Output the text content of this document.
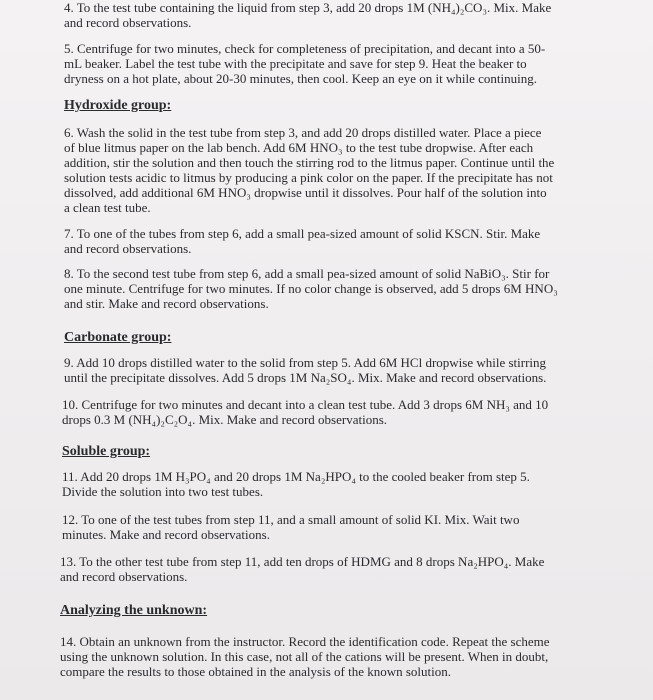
4. To the test tube containing the liquid from step 3, add 20 drops 1M (NH₄)₂CO₃. Mix. Make
and record observations.

5. Centrifuge for two minutes, check for completeness of precipitation, and decant into a 50-
mL beaker. Label the test tube with the precipitate and save for step 9. Heat the beaker to
dryness on a hot plate, about 20-30 minutes, then cool. Keep an eye on it while continuing.

Hydroxide group:

6. Wash the solid in the test tube from step 3, and add 20 drops distilled water. Place a piece
of blue litmus paper on the lab bench. Add 6M HNO₃ to the test tube dropwise. After each
addition, stir the solution and then touch the stirring rod to the litmus paper. Continue until the
solution tests acidic to litmus by producing a pink color on the paper. If the precipitate has not
dissolved, add additional 6M HNO₃ dropwise until it dissolves. Pour half of the solution into
a clean test tube.

7. To one of the tubes from step 6, add a small pea-sized amount of solid KSCN. Stir. Make
and record observations.

8. To the second test tube from step 6, add a small pea-sized amount of solid NaBiO₃. Stir for
one minute. Centrifuge for two minutes. If no color change is observed, add 5 drops 6M HNO₃
and stir. Make and record observations.

Carbonate group:

9. Add 10 drops distilled water to the solid from step 5. Add 6M HCl dropwise while stirring
until the precipitate dissolves. Add 5 drops 1M Na₂SO₄. Mix. Make and record observations.

10. Centrifuge for two minutes and decant into a clean test tube. Add 3 drops 6M NH₃ and 10
drops 0.3 M (NH₄)₂C₂O₄. Mix. Make and record observations.

Soluble group:

11. Add 20 drops 1M H₃PO₄ and 20 drops 1M Na₂HPO₄ to the cooled beaker from step 5.
Divide the solution into two test tubes.

12. To one of the test tubes from step 11, and a small amount of solid KI. Mix. Wait two
minutes. Make and record observations.

13. To the other test tube from step 11, add ten drops of HDMG and 8 drops Na₂HPO₄. Make
and record observations.

Analyzing the unknown:

14. Obtain an unknown from the instructor. Record the identification code. Repeat the scheme
using the unknown solution. In this case, not all of the cations will be present. When in doubt,
compare the results to those obtained in the analysis of the known solution.
